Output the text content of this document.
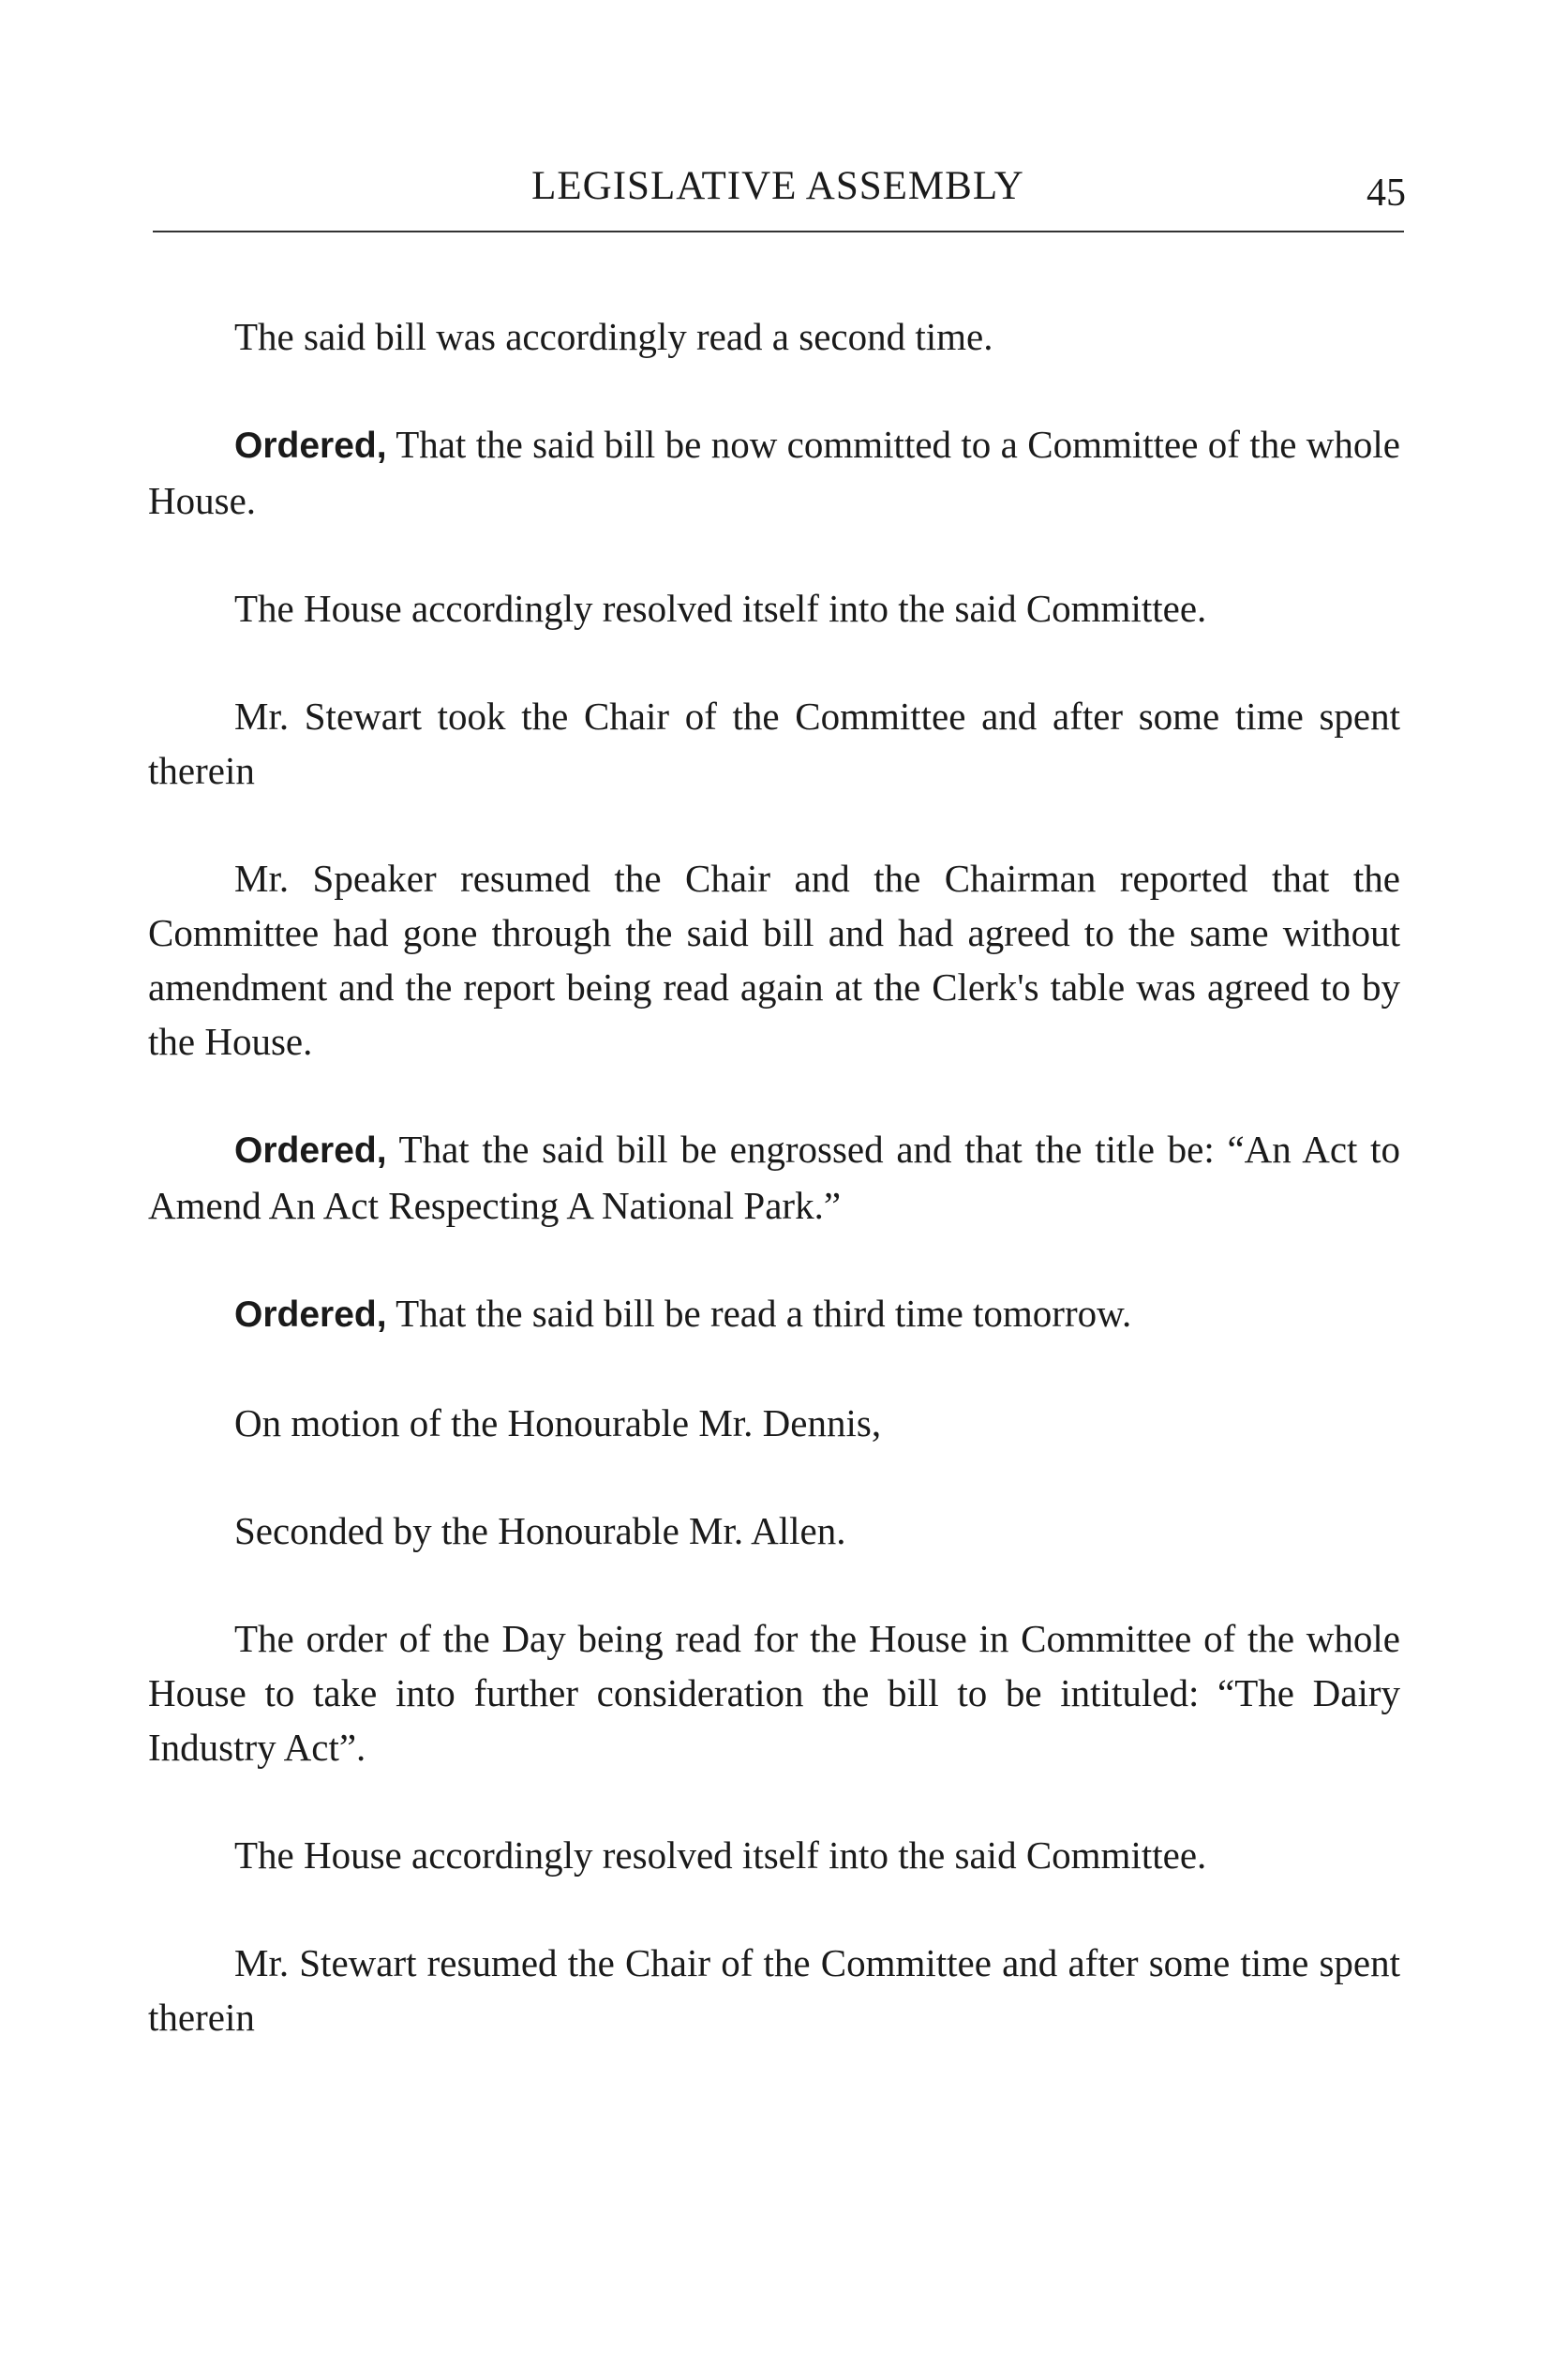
LEGISLATIVE ASSEMBLY	45

The said bill was accordingly read a second time.

Ordered, That the said bill be now committed to a Committee of the whole House.

The House accordingly resolved itself into the said Committee.

Mr. Stewart took the Chair of the Committee and after some time spent therein

Mr. Speaker resumed the Chair and the Chairman reported that the Committee had gone through the said bill and had agreed to the same without amendment and the report being read again at the Clerk's table was agreed to by the House.

Ordered, That the said bill be engrossed and that the title be: “An Act to Amend An Act Respecting A National Park.”

Ordered, That the said bill be read a third time tomorrow.

On motion of the Honourable Mr. Dennis,

Seconded by the Honourable Mr. Allen.

The order of the Day being read for the House in Committee of the whole House to take into further consideration the bill to be intituled: “The Dairy Industry Act”.

The House accordingly resolved itself into the said Committee.

Mr. Stewart resumed the Chair of the Committee and after some time spent therein
